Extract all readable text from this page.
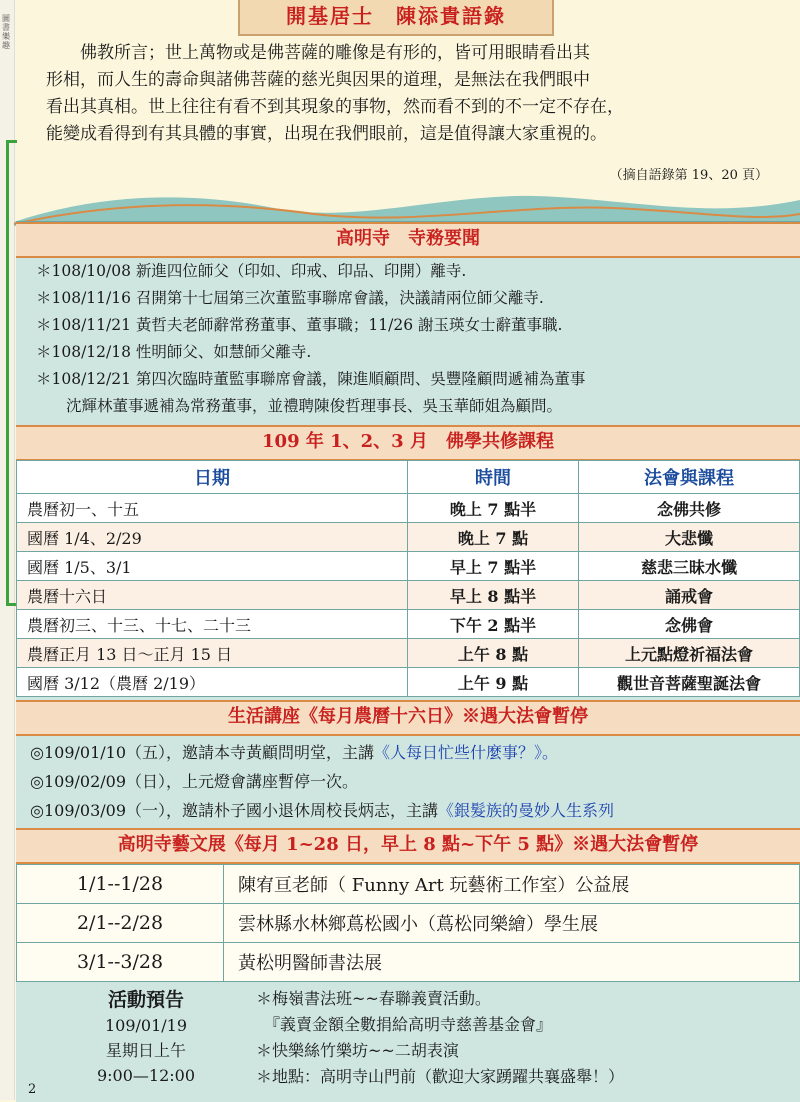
圖書樂趣
開基居士　陳添貴語錄

佛教所言；世上萬物或是佛菩薩的雕像是有形的，皆可用眼睛看出其

形相，而人生的壽命與諸佛菩薩的慈光與因果的道理，是無法在我們眼中
看出其真相。世上往往有看不到其現象的事物，然而看不到的不一定不存在，
能變成看得到有其具體的事實，出現在我們眼前，這是值得讓大家重視的。
（摘自語錄第 19、20 頁）
高明寺　寺務要聞
＊108/10/08 新進四位師父（印如、印戒、印品、印開）離寺.
＊108/11/16 召開第十七屆第三次董監事聯席會議，決議請兩位師父離寺.
＊108/11/21 黃哲夫老師辭常務董事、董事職；11/26 謝玉瑛女士辭董事職.
＊108/12/18 性明師父、如慧師父離寺.
＊108/12/21 第四次臨時董監事聯席會議，陳進順顧問、吳豐隆顧問遞補為董事
沈輝林董事遞補為常務董事，並禮聘陳俊哲理事長、吳玉華師姐為顧問。
109 年 1、2、3 月　佛學共修課程
日期	時間	法會與課程
農曆初一、十五	晚上 7 點半	念佛共修
國曆 1/4、2/29	晚上 7 點	大悲懺
國曆 1/5、3/1	早上 7 點半	慈悲三昧水懺
農曆十六日	早上 8 點半	誦戒會
農曆初三、十三、十七、二十三	下午 2 點半	念佛會
農曆正月 13 日～正月 15 日	上午 8 點	上元點燈祈福法會
國曆 3/12（農曆 2/19）	上午 9 點	觀世音菩薩聖誕法會
生活講座《每月農曆十六日》※遇大法會暫停
◎109/01/10（五），邀請本寺黃顧問明堂，主講《人每日忙些什麼事？》。
◎109/02/09（日），上元燈會講座暫停一次。
◎109/03/09（一），邀請朴子國小退休周校長炳志，主講《銀髮族的曼妙人生系列
高明寺藝文展《每月 1~28 日，早上 8 點~下午 5 點》※遇大法會暫停
1/1--1/28	陳宥亘老師（ Funny Art 玩藝術工作室）公益展
2/1--2/28	雲林縣水林鄉蔦松國小（蔦松同樂繪）學生展
3/1--3/28	黃松明醫師書法展
活動預告
109/01/19
星期日上午
9:00—12:00
＊梅嶺書法班~~春聯義賣活動。
　『義賣金額全數捐給高明寺慈善基金會』
＊快樂絲竹樂坊~~二胡表演
＊地點：高明寺山門前（歡迎大家踴躍共襄盛舉！）
2
